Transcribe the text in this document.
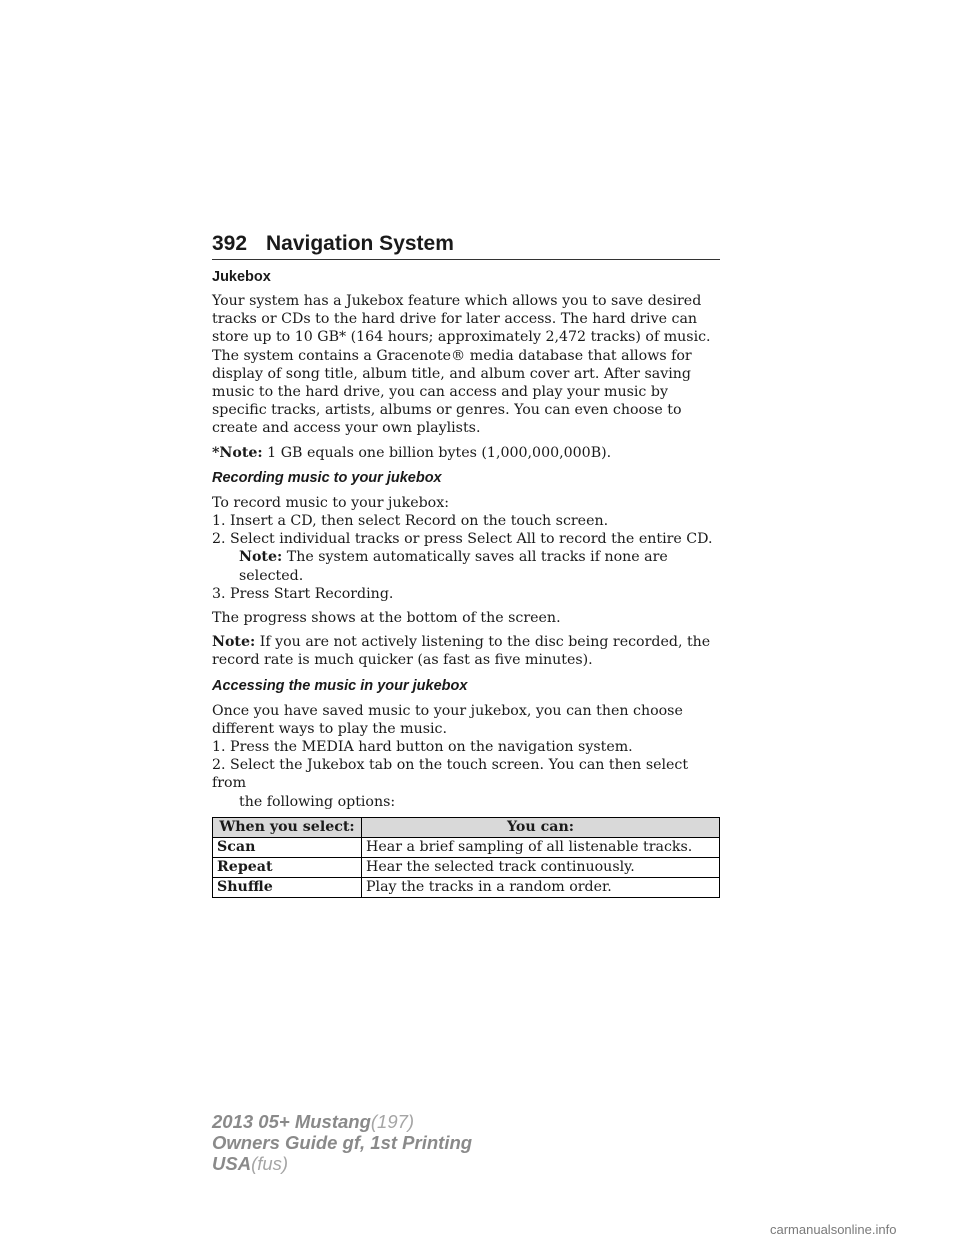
392 Navigation System
Jukebox

Your system has a Jukebox feature which allows you to save desired tracks or CDs to the hard drive for later access. The hard drive can store up to 10 GB* (164 hours; approximately 2,472 tracks) of music. The system contains a Gracenote® media database that allows for display of song title, album title, and album cover art. After saving music to the hard drive, you can access and play your music by specific tracks, artists, albums or genres. You can even choose to create and access your own playlists.

*Note: 1 GB equals one billion bytes (1,000,000,000B).

Recording music to your jukebox

To record music to your jukebox:

1. Insert a CD, then select Record on the touch screen.

2. Select individual tracks or press Select All to record the entire CD.

Note: The system automatically saves all tracks if none are selected.

3. Press Start Recording.

The progress shows at the bottom of the screen.

Note: If you are not actively listening to the disc being recorded, the record rate is much quicker (as fast as five minutes).

Accessing the music in your jukebox

Once you have saved music to your jukebox, you can then choose different ways to play the music.

1. Press the MEDIA hard button on the navigation system.

2. Select the Jukebox tab on the touch screen. You can then select from

the following options:

When you select:	You can:
Scan	Hear a brief sampling of all listenable tracks.
Repeat	Hear the selected track continuously.
Shuffle	Play the tracks in a random order.
2013 05+ Mustang(197)
Owners Guide gf, 1st Printing
USA(fus)
carmanualsonline.info
